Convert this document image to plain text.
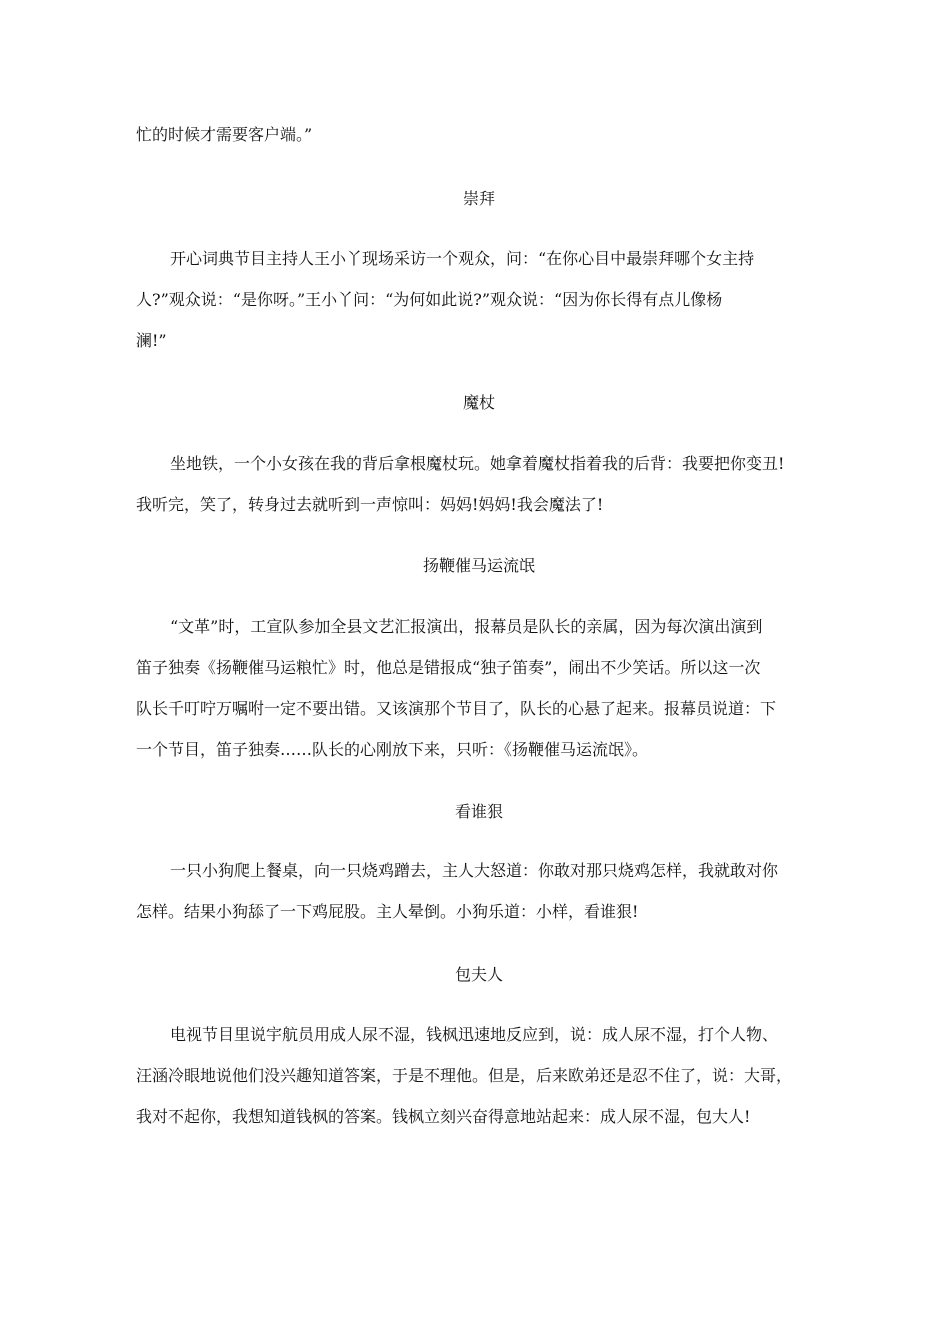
忙的时候才需要客户端。”

崇拜

开心词典节目主持人王小丫现场采访一个观众，问：“在你心目中最崇拜哪个女主持
人?”观众说：“是你呀。”王小丫问：“为何如此说?”观众说：“因为你长得有点儿像杨
澜!”

魔杖

坐地铁，一个小女孩在我的背后拿根魔杖玩。她拿着魔杖指着我的后背：我要把你变丑!
我听完，笑了，转身过去就听到一声惊叫：妈妈!妈妈!我会魔法了!

扬鞭催马运流氓

“文革”时，工宣队参加全县文艺汇报演出，报幕员是队长的亲属，因为每次演出演到
笛子独奏《扬鞭催马运粮忙》时，他总是错报成“独子笛奏”，闹出不少笑话。所以这一次
队长千叮咛万嘱咐一定不要出错。又该演那个节目了，队长的心悬了起来。报幕员说道：下
一个节目，笛子独奏……队长的心刚放下来，只听：《扬鞭催马运流氓》。

看谁狠

一只小狗爬上餐桌，向一只烧鸡蹭去，主人大怒道：你敢对那只烧鸡怎样，我就敢对你
怎样。结果小狗舔了一下鸡屁股。主人晕倒。小狗乐道：小样，看谁狠!

包夫人

电视节目里说宇航员用成人尿不湿，钱枫迅速地反应到，说：成人尿不湿，打个人物、
汪涵冷眼地说他们没兴趣知道答案，于是不理他。但是，后来欧弟还是忍不住了，说：大哥，
我对不起你，我想知道钱枫的答案。钱枫立刻兴奋得意地站起来：成人尿不湿，包大人!
